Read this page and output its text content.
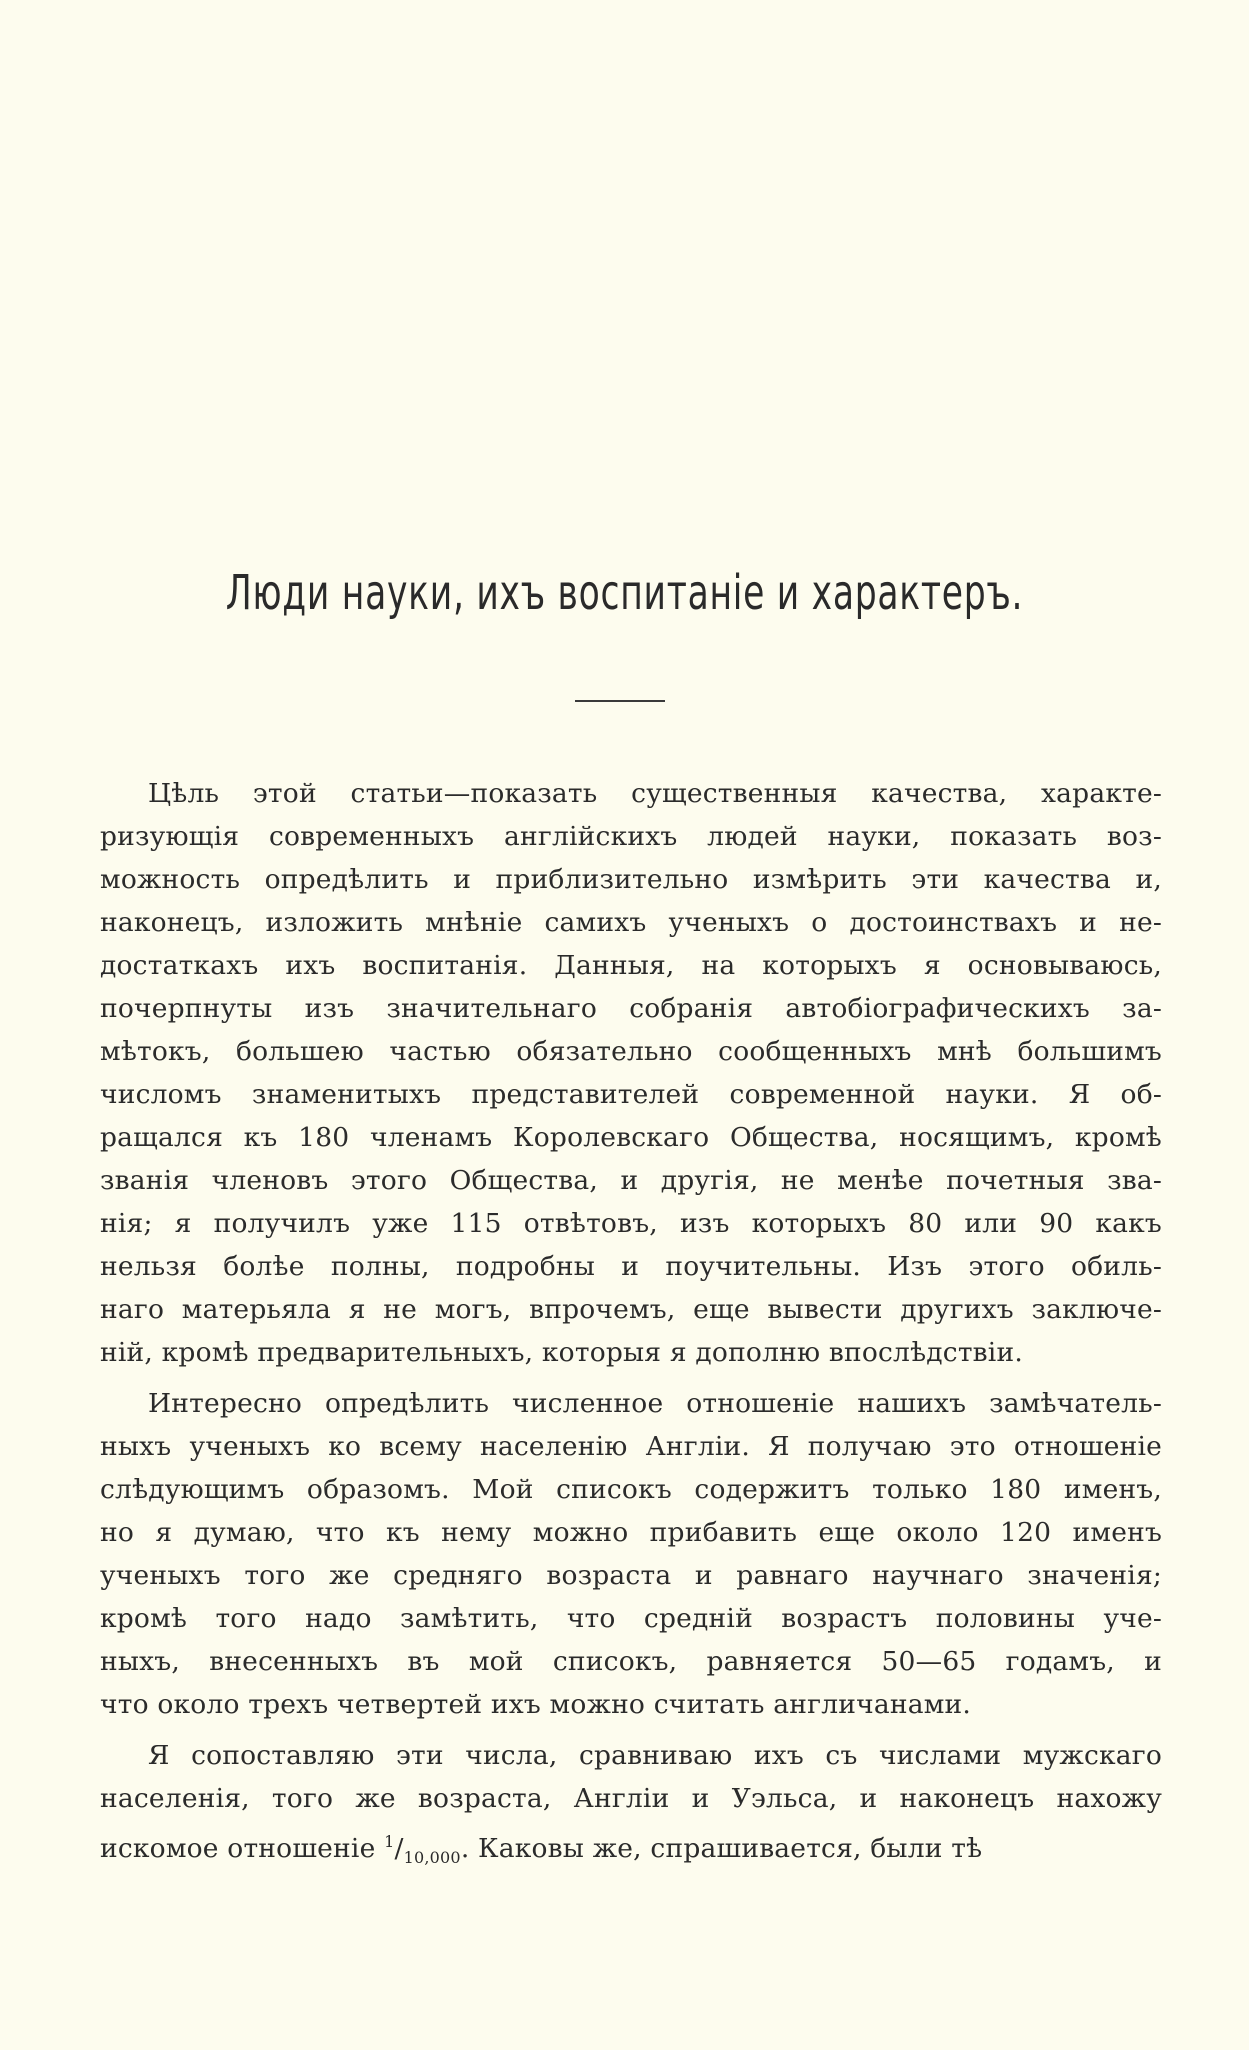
Люди науки, ихъ воспитаніе и характеръ.
Цѣль этой статьи—показать существенныя качества, характе-
ризующія современныхъ англійскихъ людей науки, показать воз-
можность опредѣлить и приблизительно измѣрить эти качества и,
наконецъ, изложить мнѣніе самихъ ученыхъ о достоинствахъ и не-
достаткахъ ихъ воспитанія. Данныя, на которыхъ я основываюсь,
почерпнуты изъ значительнаго собранія автобіографическихъ за-
мѣтокъ, большею частью обязательно сообщенныхъ мнѣ большимъ
числомъ знаменитыхъ представителей современной науки. Я об-
ращался къ 180 членамъ Королевскаго Общества, носящимъ, кромѣ
званія членовъ этого Общества, и другія, не менѣе почетныя зва-
нія; я получилъ уже 115 отвѣтовъ, изъ которыхъ 80 или 90 какъ
нельзя болѣе полны, подробны и поучительны. Изъ этого обиль-
наго матерьяла я не могъ, впрочемъ, еще вывести другихъ заключе-
ній, кромѣ предварительныхъ, которыя я дополню впослѣдствіи.
Интересно опредѣлить численное отношеніе нашихъ замѣчатель-
ныхъ ученыхъ ко всему населенію Англіи. Я получаю это отношеніе
слѣдующимъ образомъ. Мой списокъ содержитъ только 180 именъ,
но я думаю, что къ нему можно прибавить еще около 120 именъ
ученыхъ того же средняго возраста и равнаго научнаго значенія;
кромѣ того надо замѣтить, что средній возрастъ половины уче-
ныхъ, внесенныхъ въ мой списокъ, равняется 50—65 годамъ, и
что около трехъ четвертей ихъ можно считать англичанами.
Я сопоставляю эти числа, сравниваю ихъ съ числами мужскаго
населенія, того же возраста, Англіи и Уэльса, и наконецъ нахожу
искомое отношеніе $^1/_{10,000}$. Каковы же, спрашивается, были тѣ
